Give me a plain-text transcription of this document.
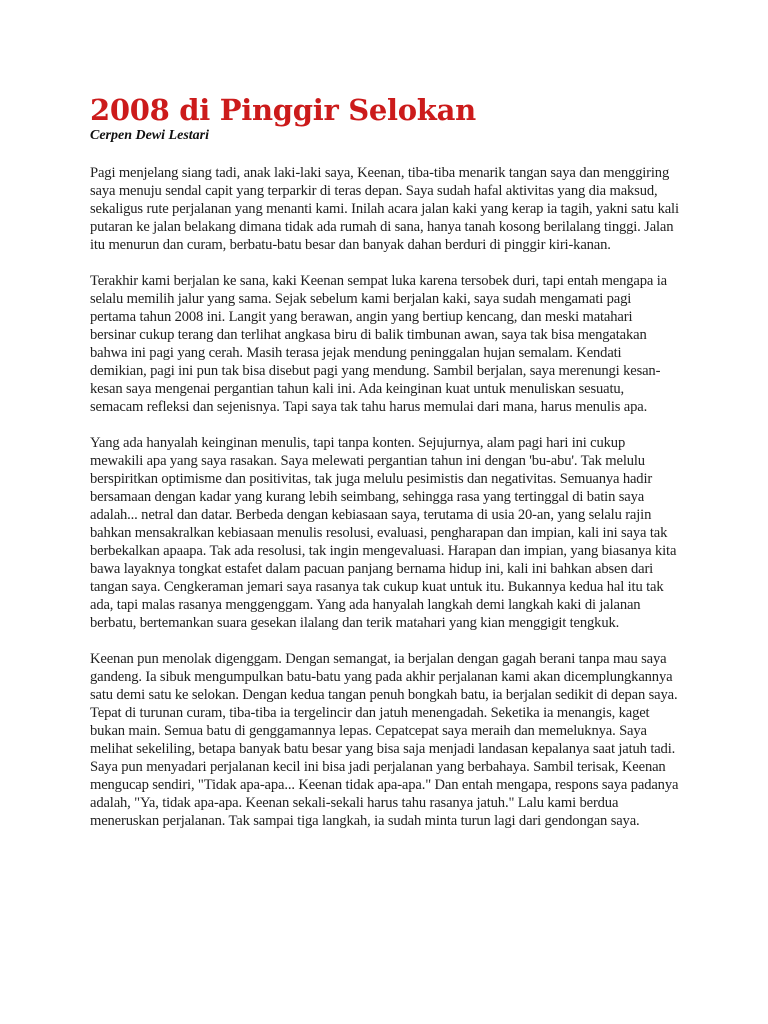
2008 di Pinggir Selokan
Cerpen Dewi Lestari

Pagi menjelang siang tadi, anak laki-laki saya, Keenan, tiba-tiba menarik tangan saya dan menggiring saya menuju sendal capit yang terparkir di teras depan. Saya sudah hafal aktivitas yang dia maksud, sekaligus rute perjalanan yang menanti kami. Inilah acara jalan kaki yang kerap ia tagih, yakni satu kali putaran ke jalan belakang dimana tidak ada rumah di sana, hanya tanah kosong berilalang tinggi. Jalan itu menurun dan curam, berbatu-batu besar dan banyak dahan berduri di pinggir kiri-kanan.

Terakhir kami berjalan ke sana, kaki Keenan sempat luka karena tersobek duri, tapi entah mengapa ia selalu memilih jalur yang sama. Sejak sebelum kami berjalan kaki, saya sudah mengamati pagi pertama tahun 2008 ini. Langit yang berawan, angin yang bertiup kencang, dan meski matahari bersinar cukup terang dan terlihat angkasa biru di balik timbunan awan, saya tak bisa mengatakan bahwa ini pagi yang cerah. Masih terasa jejak mendung peninggalan hujan semalam. Kendati demikian, pagi ini pun tak bisa disebut pagi yang mendung. Sambil berjalan, saya merenungi kesan-kesan saya mengenai pergantian tahun kali ini. Ada keinginan kuat untuk menuliskan sesuatu, semacam refleksi dan sejenisnya. Tapi saya tak tahu harus memulai dari mana, harus menulis apa.

Yang ada hanyalah keinginan menulis, tapi tanpa konten. Sejujurnya, alam pagi hari ini cukup mewakili apa yang saya rasakan. Saya melewati pergantian tahun ini dengan 'bu-abu'. Tak melulu berspiritkan optimisme dan positivitas, tak juga melulu pesimistis dan negativitas. Semuanya hadir bersamaan dengan kadar yang kurang lebih seimbang, sehingga rasa yang tertinggal di batin saya adalah... netral dan datar. Berbeda dengan kebiasaan saya, terutama di usia 20-an, yang selalu rajin bahkan mensakralkan kebiasaan menulis resolusi, evaluasi, pengharapan dan impian, kali ini saya tak berbekalkan apaapa. Tak ada resolusi, tak ingin mengevaluasi. Harapan dan impian, yang biasanya kita bawa layaknya tongkat estafet dalam pacuan panjang bernama hidup ini, kali ini bahkan absen dari tangan saya. Cengkeraman jemari saya rasanya tak cukup kuat untuk itu. Bukannya kedua hal itu tak ada, tapi malas rasanya menggenggam. Yang ada hanyalah langkah demi langkah kaki di jalanan berbatu, bertemankan suara gesekan ilalang dan terik matahari yang kian menggigit tengkuk.

Keenan pun menolak digenggam. Dengan semangat, ia berjalan dengan gagah berani tanpa mau saya gandeng. Ia sibuk mengumpulkan batu-batu yang pada akhir perjalanan kami akan dicemplungkannya satu demi satu ke selokan. Dengan kedua tangan penuh bongkah batu, ia berjalan sedikit di depan saya. Tepat di turunan curam, tiba-tiba ia tergelincir dan jatuh menengadah. Seketika ia menangis, kaget bukan main. Semua batu di genggamannya lepas. Cepatcepat saya meraih dan memeluknya. Saya melihat sekeliling, betapa banyak batu besar yang bisa saja menjadi landasan kepalanya saat jatuh tadi. Saya pun menyadari perjalanan kecil ini bisa jadi perjalanan yang berbahaya. Sambil terisak, Keenan mengucap sendiri, "Tidak apa-apa... Keenan tidak apa-apa." Dan entah mengapa, respons saya padanya adalah, "Ya, tidak apa-apa. Keenan sekali-sekali harus tahu rasanya jatuh." Lalu kami berdua meneruskan perjalanan. Tak sampai tiga langkah, ia sudah minta turun lagi dari gendongan saya.
